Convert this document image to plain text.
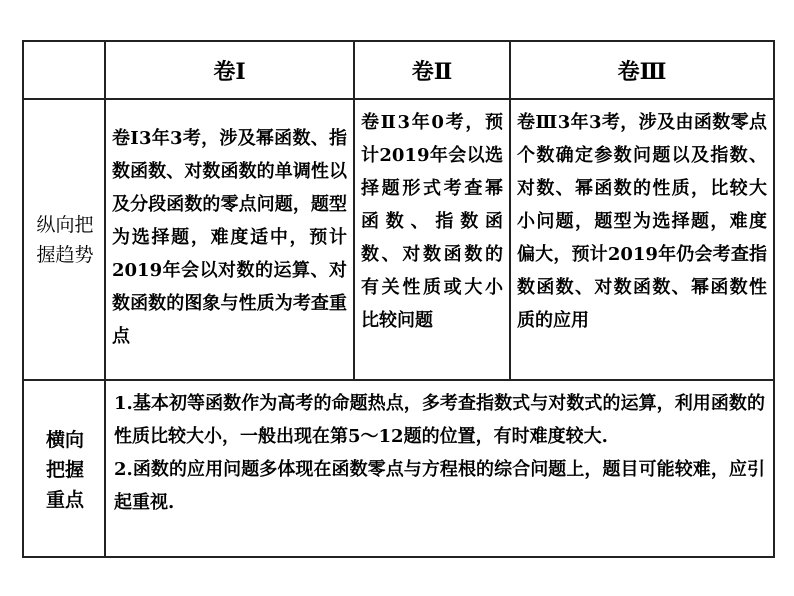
卷Ⅰ	卷Ⅱ	卷Ⅲ
纵向把握趋势
卷Ⅰ3年3考，涉及幂函数、指数函数、对数函数的单调性以及分段函数的零点问题，题型为选择题，难度适中，预计2019年会以对数的运算、对数函数的图象与性质为考查重点
卷Ⅱ3年0考，预计2019年会以选择题形式考查幂函数、指数函数、对数函数的有关性质或大小比较问题
卷Ⅲ3年3考，涉及由函数零点个数确定参数问题以及指数、对数、幂函数的性质，比较大小问题，题型为选择题，难度偏大，预计2019年仍会考查指数函数、对数函数、幂函数性质的应用
横向把握重点
1.基本初等函数作为高考的命题热点，多考查指数式与对数式的运算，利用函数的性质比较大小，一般出现在第5～12题的位置，有时难度较大.
2.函数的应用问题多体现在函数零点与方程根的综合问题上，题目可能较难，应引起重视.
